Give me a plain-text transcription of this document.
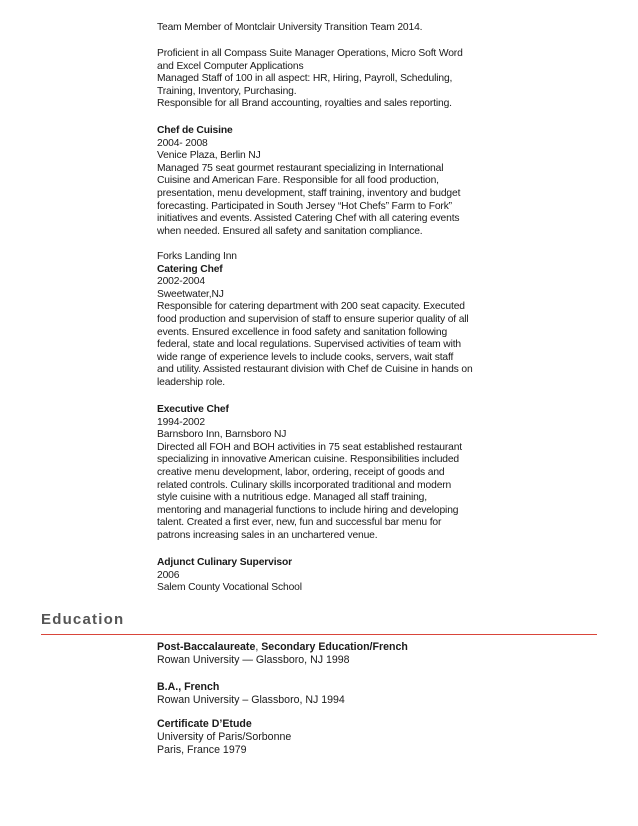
Team Member of Montclair University Transition Team 2014.
Proficient in all Compass Suite Manager Operations, Micro Soft Word
and Excel Computer Applications
Managed Staff of 100 in all aspect: HR, Hiring, Payroll, Scheduling,
Training, Inventory, Purchasing.
Responsible for all Brand accounting, royalties and sales reporting.
Chef de Cuisine
2004- 2008
Venice Plaza, Berlin NJ
Managed 75 seat gourmet restaurant specializing in International
Cuisine and American Fare. Responsible for all food production,
presentation, menu development, staff training, inventory and budget
forecasting. Participated in South Jersey “Hot Chefs” Farm to Fork”
initiatives and events. Assisted Catering Chef with all catering events
when needed. Ensured all safety and sanitation compliance.
Forks Landing Inn
Catering Chef
2002-2004
Sweetwater,NJ
Responsible for catering department with 200 seat capacity. Executed
food production and supervision of staff to ensure superior quality of all
events. Ensured excellence in food safety and sanitation following
federal, state and local regulations. Supervised activities of team with
wide range of experience levels to include cooks, servers, wait staff
and utility. Assisted restaurant division with Chef de Cuisine in hands on
leadership role.
Executive Chef
1994-2002
Barnsboro Inn, Barnsboro NJ
Directed all FOH and BOH activities in 75 seat established restaurant
specializing in innovative American cuisine. Responsibilities included
creative menu development, labor, ordering, receipt of goods and
related controls. Culinary skills incorporated traditional and modern
style cuisine with a nutritious edge. Managed all staff training,
mentoring and managerial functions to include hiring and developing
talent. Created a first ever, new, fun and successful bar menu for
patrons increasing sales in an unchartered venue.
Adjunct Culinary Supervisor
2006
Salem County Vocational School
Education
Post-Baccalaureate, Secondary Education/French
Rowan University — Glassboro, NJ 1998
B.A., French
Rowan University – Glassboro, NJ 1994
Certificate D’Etude
University of Paris/Sorbonne
Paris, France 1979
